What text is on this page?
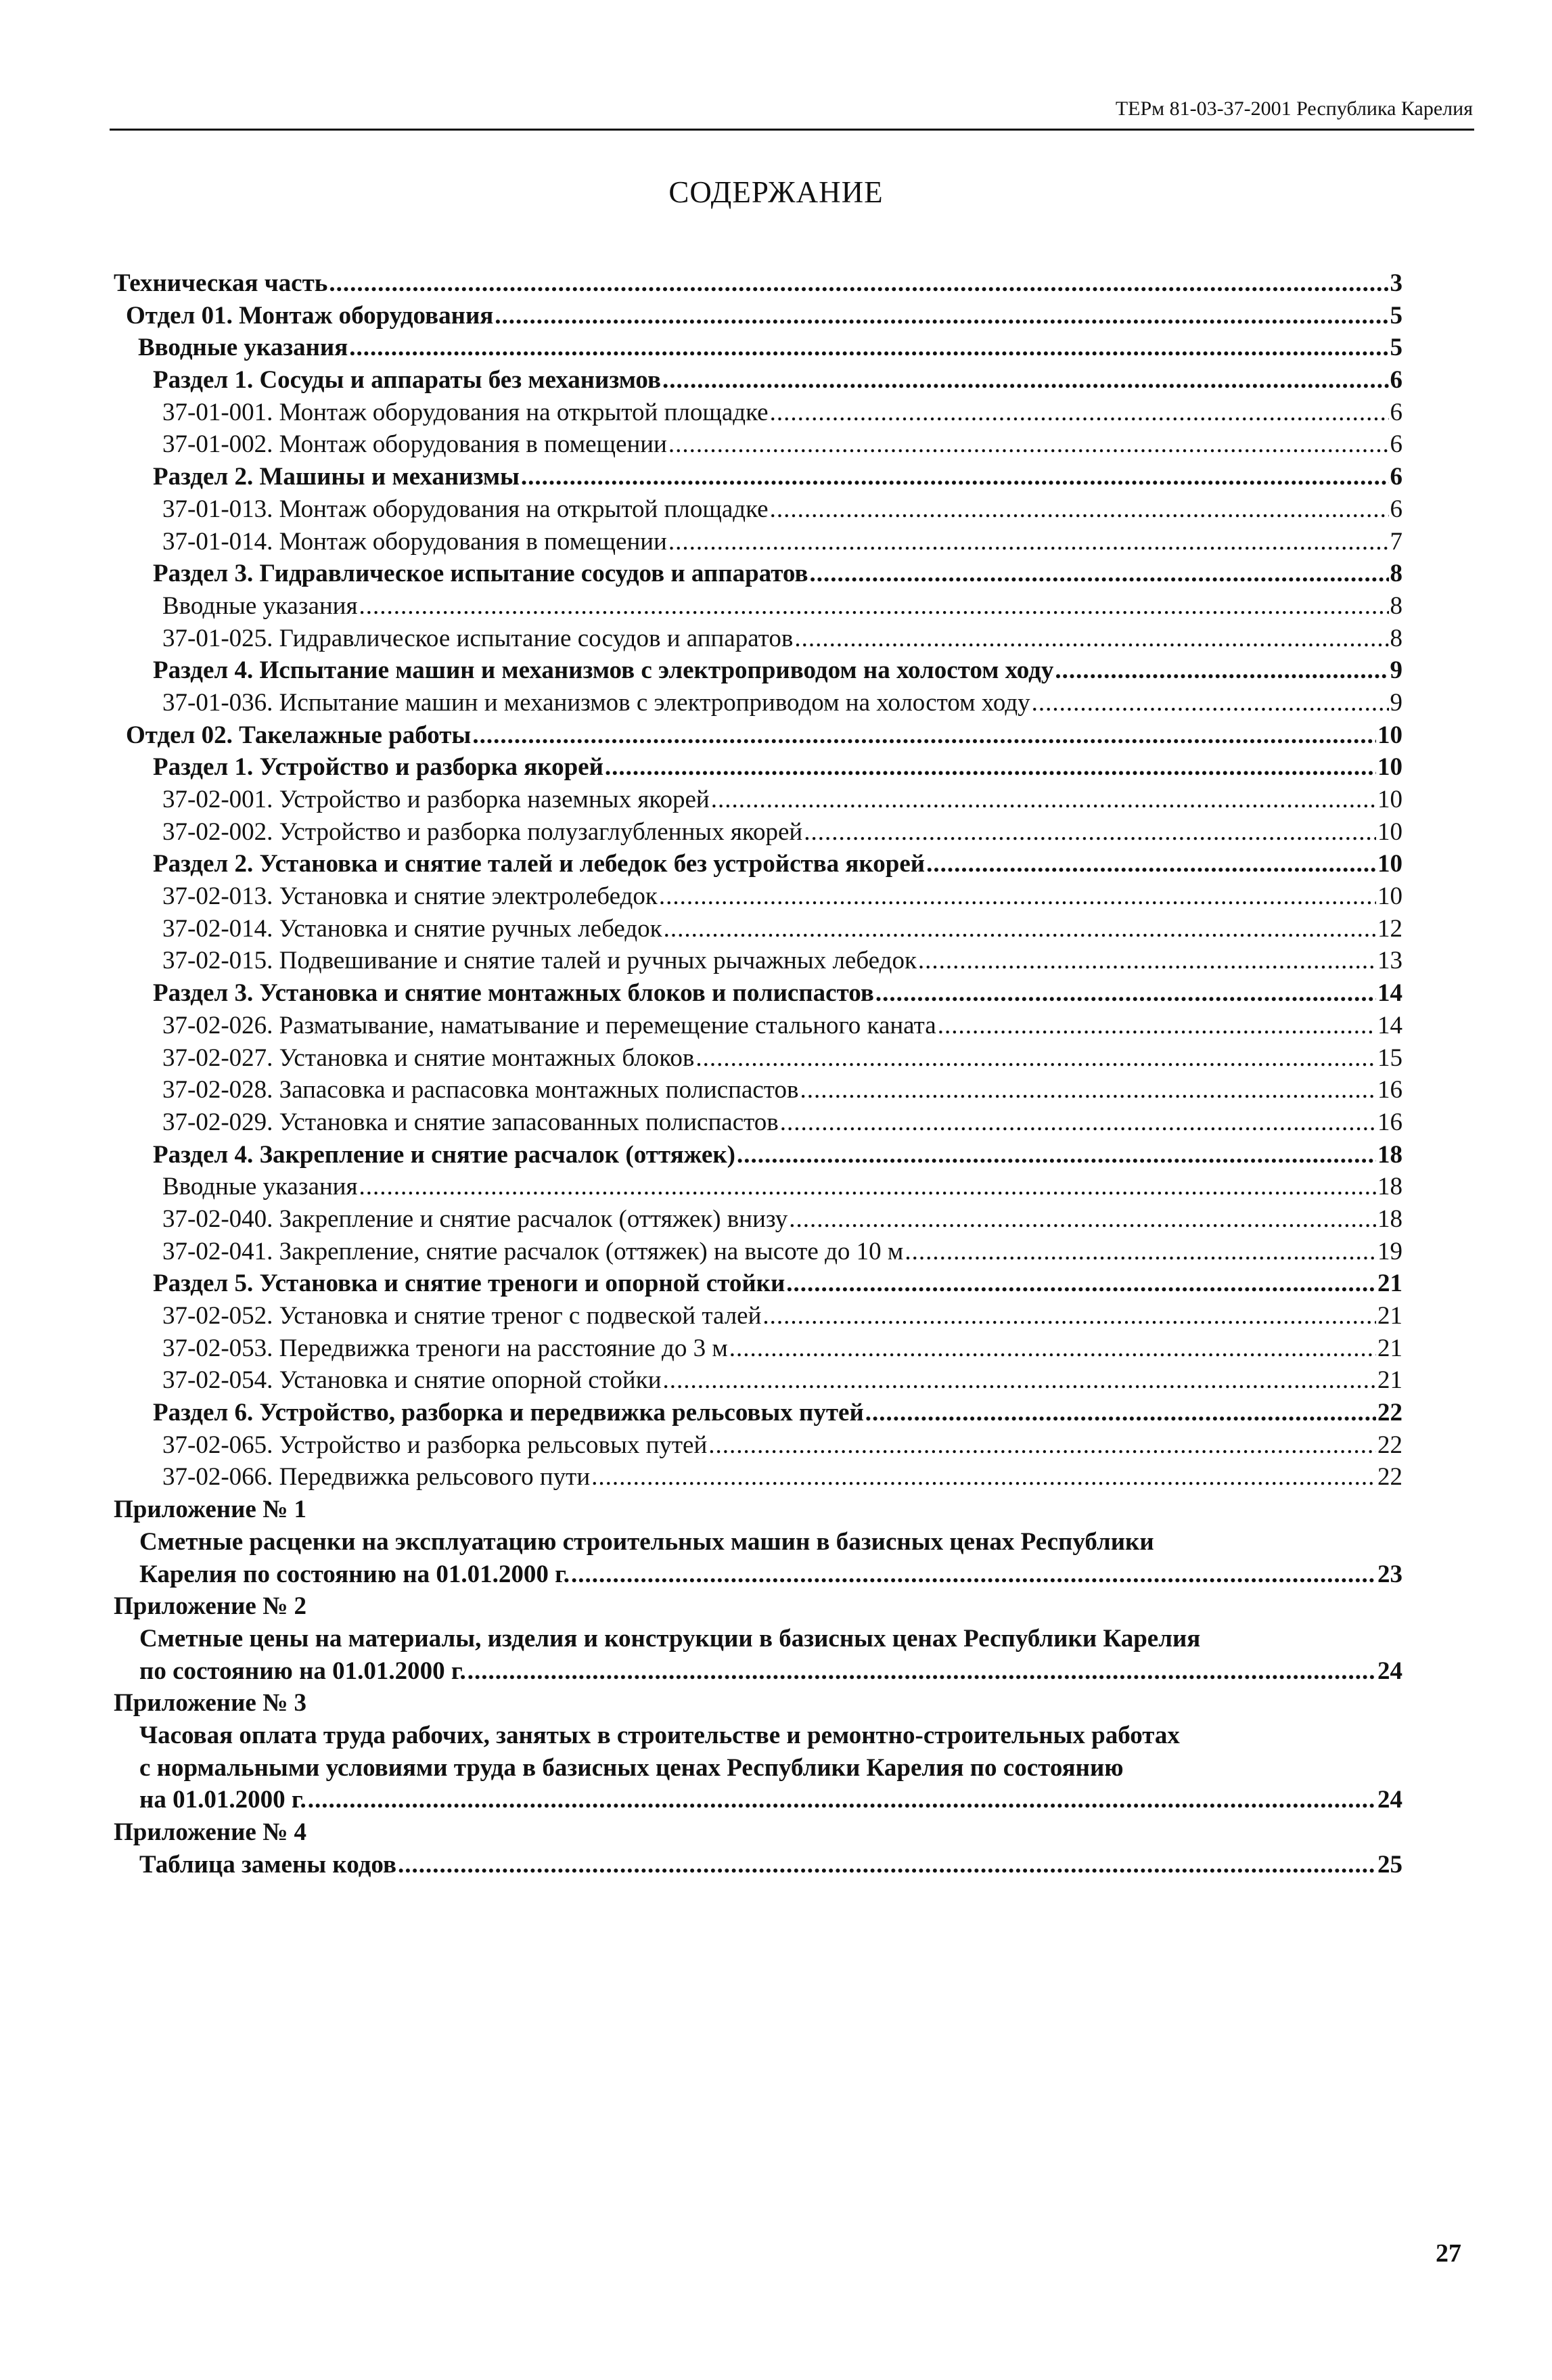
ТЕРм 81-03-37-2001 Республика Карелия
СОДЕРЖАНИЕ
Техническая часть .....	3
Отдел 01. Монтаж оборудования .....	5
Вводные указания .....	5
Раздел 1. Сосуды и аппараты без механизмов .....	6
37-01-001. Монтаж оборудования на открытой площадке .....	6
37-01-002. Монтаж оборудования в помещении .....	6
Раздел 2. Машины и механизмы .....	6
37-01-013. Монтаж оборудования на открытой площадке .....	6
37-01-014. Монтаж оборудования в помещении .....	7
Раздел 3. Гидравлическое испытание сосудов и аппаратов .....	8
Вводные указания .....	8
37-01-025. Гидравлическое испытание сосудов и аппаратов .....	8
Раздел 4. Испытание машин и механизмов с электроприводом на холостом ходу .....	9
37-01-036. Испытание машин и механизмов с электроприводом на холостом ходу .....	9
Отдел 02. Такелажные работы .....	10
Раздел 1. Устройство и разборка якорей .....	10
37-02-001. Устройство и разборка наземных якорей .....	10
37-02-002. Устройство и разборка полузаглубленных якорей .....	10
Раздел 2. Установка и снятие талей и лебедок без устройства якорей .....	10
37-02-013. Установка и снятие электролебедок .....	10
37-02-014. Установка и снятие ручных лебедок .....	12
37-02-015. Подвешивание и снятие талей и ручных рычажных лебедок .....	13
Раздел 3. Установка и снятие монтажных блоков и полиспастов .....	14
37-02-026. Разматывание, наматывание и перемещение стального каната .....	14
37-02-027. Установка и снятие монтажных блоков .....	15
37-02-028. Запасовка и распасовка монтажных полиспастов .....	16
37-02-029. Установка и снятие запасованных полиспастов .....	16
Раздел 4. Закрепление и снятие расчалок (оттяжек) .....	18
Вводные указания .....	18
37-02-040. Закрепление и снятие расчалок (оттяжек) внизу .....	18
37-02-041. Закрепление, снятие расчалок (оттяжек) на высоте до 10 м .....	19
Раздел 5. Установка и снятие треноги и опорной стойки .....	21
37-02-052. Установка и снятие треног с подвеской талей .....	21
37-02-053. Передвижка треноги на расстояние до 3 м .....	21
37-02-054. Установка и снятие опорной стойки .....	21
Раздел 6. Устройство, разборка и передвижка рельсовых путей .....	22
37-02-065. Устройство и разборка рельсовых путей .....	22
37-02-066. Передвижка рельсового пути .....	22
Приложение № 1
Сметные расценки на эксплуатацию строительных машин в базисных ценах Республики
Карелия по состоянию на 01.01.2000 г. .....	23
Приложение № 2
Сметные цены на материалы, изделия и конструкции в базисных ценах Республики Карелия
по состоянию на 01.01.2000 г. .....	24
Приложение № 3
Часовая оплата труда рабочих, занятых в строительстве и ремонтно-строительных работах
с нормальными условиями труда в базисных ценах Республики Карелия по состоянию
на 01.01.2000 г. .....	24
Приложение № 4
Таблица замены кодов .....	25
27
